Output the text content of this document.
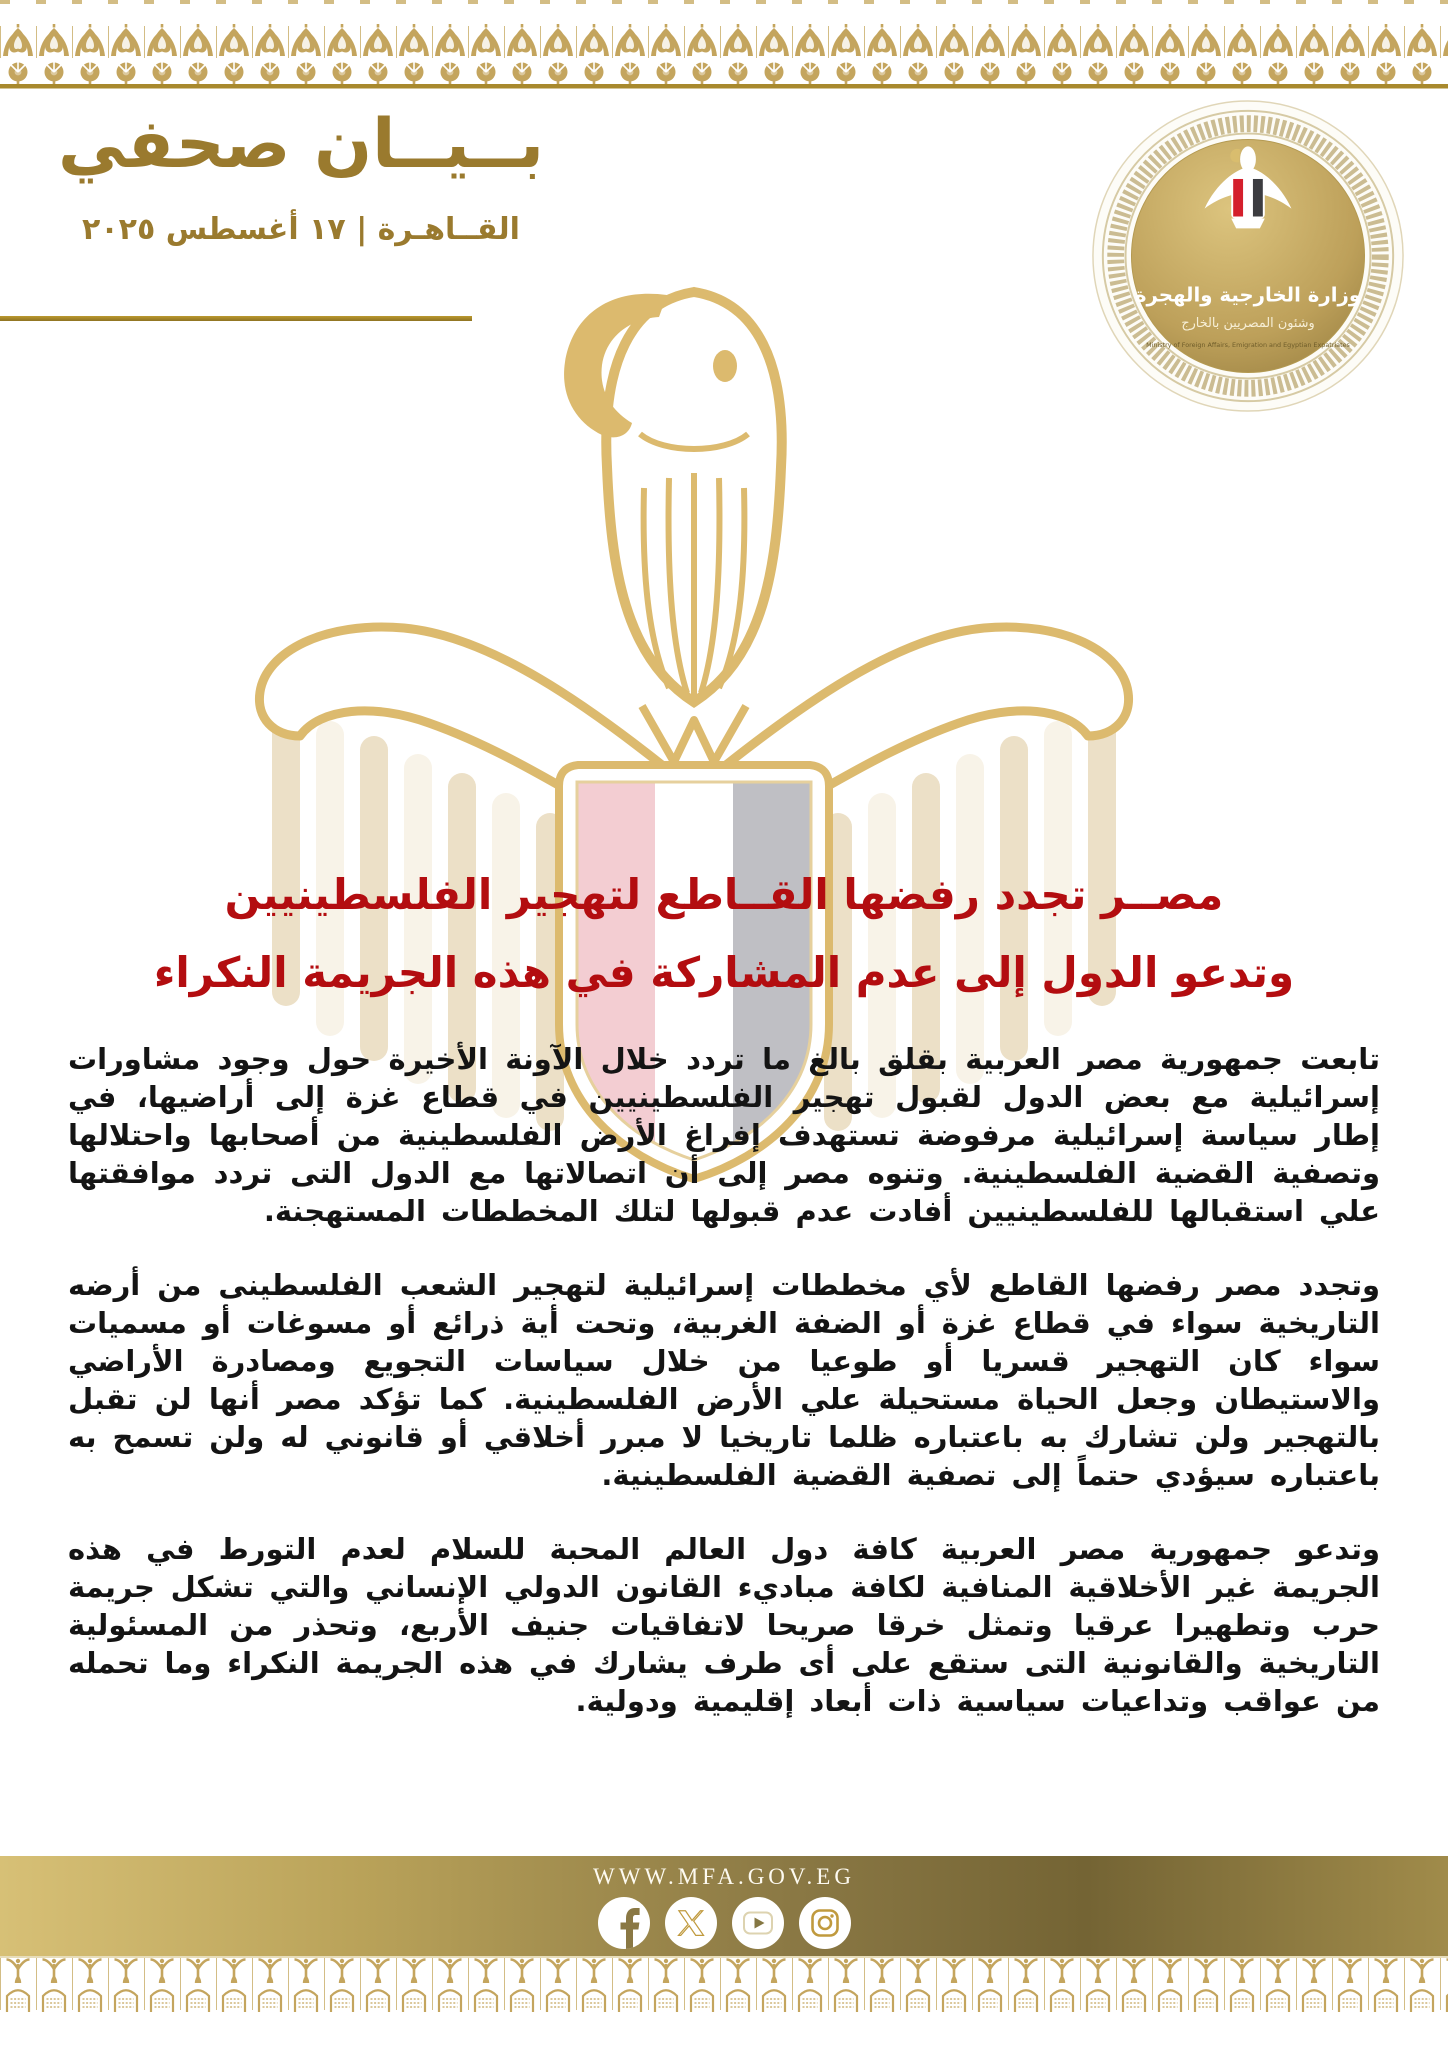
بــيــان صحفي
القــاهـرة | ١٧ أغسطس ٢٠٢٥
وزارة الخارجية والهجرة
وشئون المصريين بالخارج
Ministry of Foreign Affairs, Emigration and Egyptian Expatriates
مصــر تجدد رفضها القــاطع لتهجير الفلسطينيين
وتدعو الدول إلى عدم المشاركة في هذه الجريمة النكراء

تابعت جمهورية مصر العربية بقلق بالغ ما تردد خلال الآونة الأخيرة حول وجود مشاورات إسرائيلية مع بعض الدول لقبول تهجير الفلسطينيين في قطاع غزة إلى أراضيها، في إطار سياسة إسرائيلية مرفوضة تستهدف إفراغ الأرض الفلسطينية من أصحابها واحتلالها وتصفية القضية الفلسطينية. وتنوه مصر إلى أن اتصالاتها مع الدول التى تردد موافقتها علي استقبالها للفلسطينيين أفادت عدم قبولها لتلك المخططات المستهجنة.

وتجدد مصر رفضها القاطع لأي مخططات إسرائيلية لتهجير الشعب الفلسطينى من أرضه التاريخية سواء في قطاع غزة أو الضفة الغربية، وتحت أية ذرائع أو مسوغات أو مسميات سواء كان التهجير قسريا أو طوعيا من خلال سياسات التجويع ومصادرة الأراضي والاستيطان وجعل الحياة مستحيلة علي الأرض الفلسطينية. كما تؤكد مصر أنها لن تقبل بالتهجير ولن تشارك به باعتباره ظلما تاريخيا لا مبرر أخلاقي أو قانوني له ولن تسمح به باعتباره سيؤدي حتماً إلى تصفية القضية الفلسطينية.

وتدعو جمهورية مصر العربية كافة دول العالم المحبة للسلام لعدم التورط في هذه الجريمة غير الأخلاقية المنافية لكافة مباديء القانون الدولي الإنساني والتي تشكل جريمة حرب وتطهيرا عرقيا وتمثل خرقا صريحا لاتفاقيات جنيف الأربع، وتحذر من المسئولية التاريخية والقانونية التى ستقع على أى طرف يشارك في هذه الجريمة النكراء وما تحمله من عواقب وتداعيات سياسية ذات أبعاد إقليمية ودولية.

WWW.MFA.GOV.EG
